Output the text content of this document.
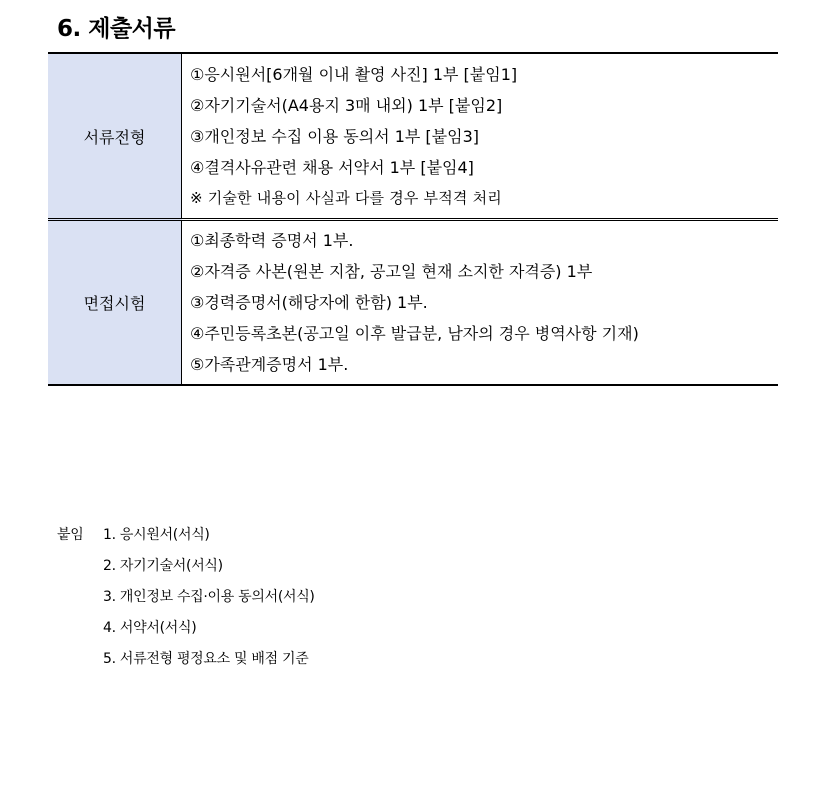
6. 제출서류
서류전형	①응시원서[6개월 이내 촬영 사진] 1부 [붙임1]
②자기기술서(A4용지 3매 내외) 1부 [붙임2]
③개인정보 수집 이용 동의서 1부 [붙임3]
④결격사유관련 채용 서약서 1부 [붙임4]
※ 기술한 내용이 사실과 다를 경우 부적격 처리

면접시험	①최종학력 증명서 1부.
②자격증 사본(원본 지참, 공고일 현재 소지한 자격증) 1부
③경력증명서(해당자에 한함) 1부.
④주민등록초본(공고일 이후 발급분, 남자의 경우 병역사항 기재)
⑤가족관계증명서 1부.
붙임	1. 응시원서(서식)
2. 자기기술서(서식)
3. 개인정보 수집·이용 동의서(서식)
4. 서약서(서식)
5. 서류전형 평정요소 및 배점 기준
